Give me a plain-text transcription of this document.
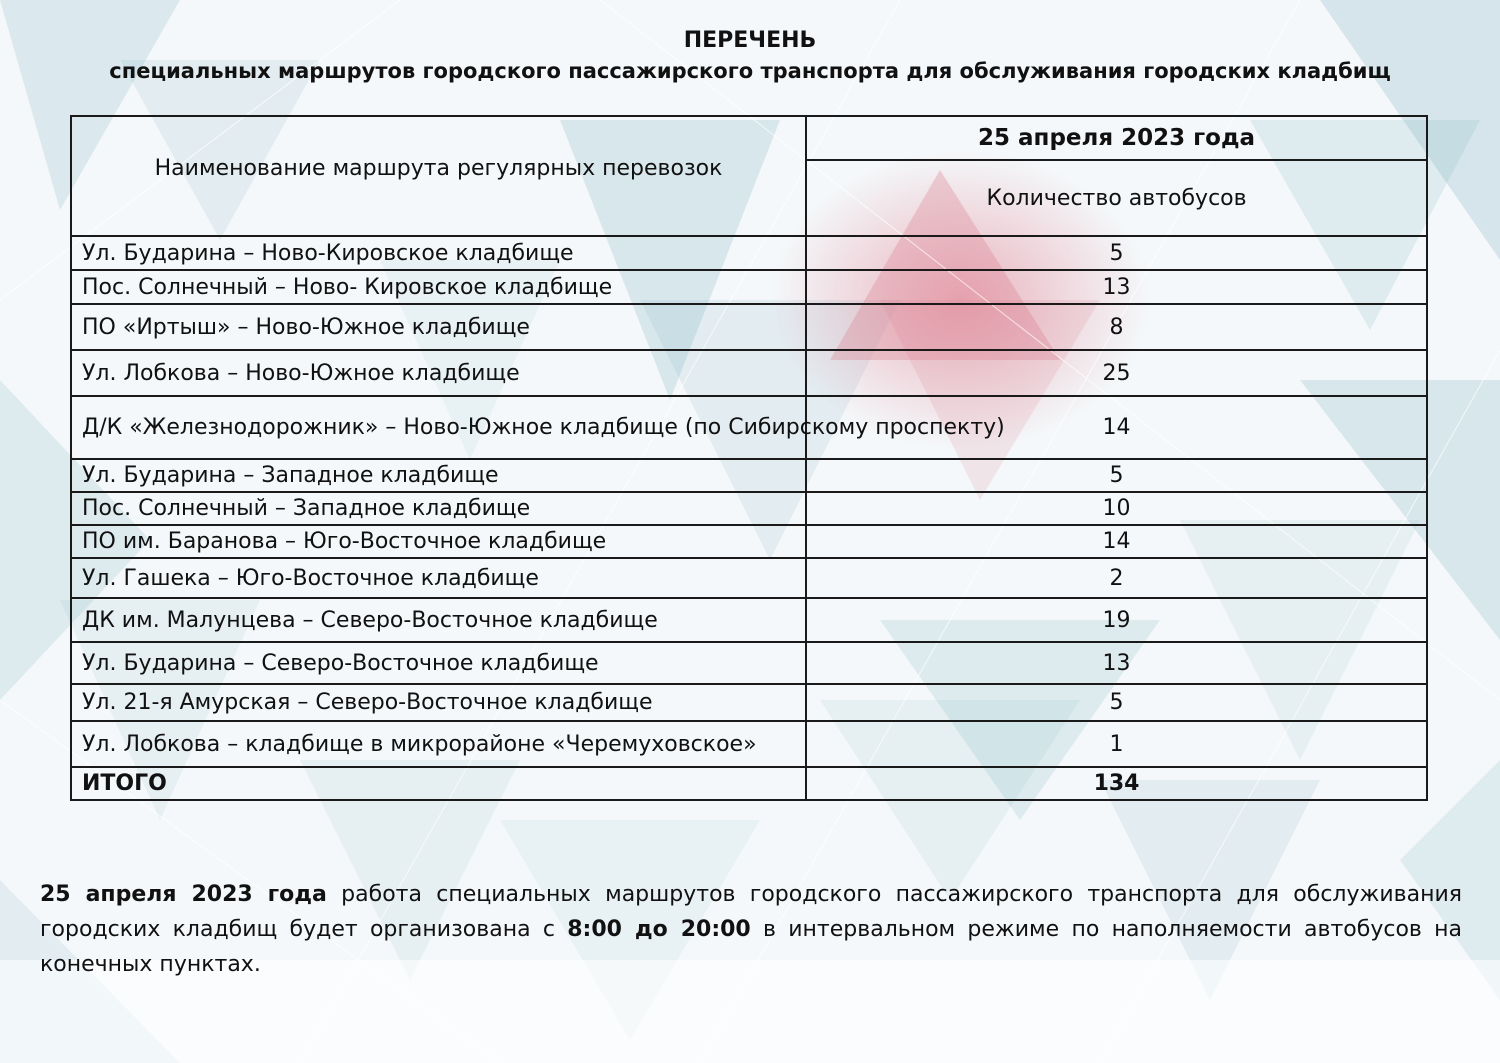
ПЕРЕЧЕНЬ
специальных маршрутов городского пассажирского транспорта для обслуживания городских кладбищ
Наименование маршрута регулярных перевозок	25 апреля 2023 года
	Количество автобусов
Ул. Бударина – Ново-Кировское кладбище	5
Пос. Солнечный – Ново- Кировское кладбище	13
ПО «Иртыш» – Ново-Южное кладбище	8
Ул. Лобкова – Ново-Южное кладбище	25
Д/К «Железнодорожник» – Ново-Южное кладбище (по Сибирскому проспекту)	14
Ул. Бударина – Западное кладбище	5
Пос. Солнечный – Западное кладбище	10
ПО им. Баранова – Юго-Восточное кладбище	14
Ул. Гашека – Юго-Восточное кладбище	2
ДК им. Малунцева – Северо-Восточное кладбище	19
Ул. Бударина – Северо-Восточное кладбище	13
Ул. 21-я Амурская – Северо-Восточное кладбище	5
Ул. Лобкова – кладбище в микрорайоне «Черемуховское»	1
ИТОГО	134

25 апреля 2023 года работа специальных маршрутов городского пассажирского транспорта для обслуживания городских кладбищ будет организована с 8:00 до 20:00 в интервальном режиме по наполняемости автобусов на конечных пунктах.
